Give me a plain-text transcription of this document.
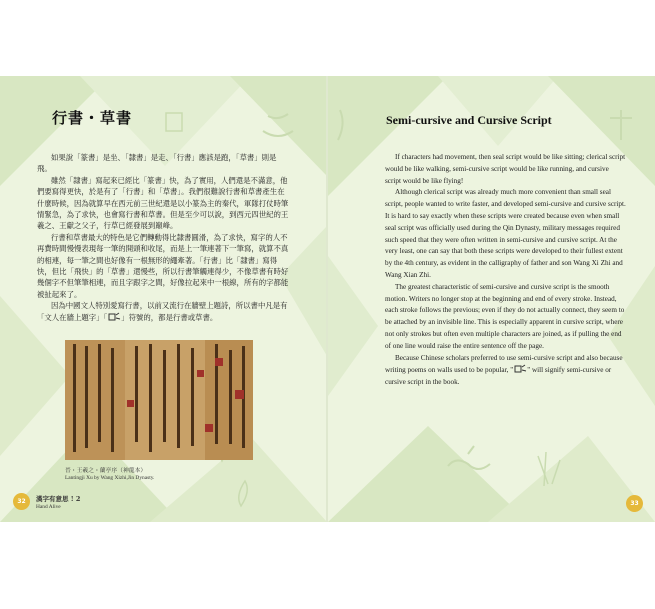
行書・草書

如果說「篆書」是坐、「隸書」是走、「行書」應該是跑，「草書」則是飛。

雖然「隸書」寫起來已經比「篆書」快，為了實用，人們還是不滿意，他們要寫得更快，於是有了「行書」和「草書」。我們很難說行書和草書產生在什麼時候，因為就算早在西元前三世紀還是以小篆為主的秦代，軍隊打仗時筆情緊急，為了求快，也會寫行書和草書。但是至少可以說，到西元四世紀的王羲之、王獻之父子，行草已經發展到巔峰。

行書和草書最大的特色是它們轉動得比隸書圓滑，為了求快，寫字的人不再費時間慢慢表現每一筆的開頭和收尾，而是上一筆連著下一筆寫，就算不真的相連，每一筆之間也好像有一根無形的繩牽著。「行書」比「隸書」寫得快，但比「飛快」的「草書」還慢些，所以行書筆觸連得少，不像草書有時好幾個字不但筆筆相連，而且字跟字之間，好像拉起來中一根線，所有的字都能被扯起來了。

因為中國文人特別愛寫行書，以前又流行在牆壁上題詩，所以書中凡是有「文人在牆上題字」「 」符號的，都是行書或草書。

晉・王羲之・蘭亭序（神龍本）
Lantingji Xu by Wang Xizhi,Jin Dynasty.
32	漢字有意思 ! 2
Hand Alive
Semi-cursive and Cursive Script

If characters had movement, then seal script would be like sitting; clerical script would be like walking, semi-cursive script would be like running, and cursive script would be like flying!

Although clerical script was already much more convenient than small seal script, people wanted to write faster, and developed semi-cursive and cursive script. It is hard to say exactly when these scripts were created because even when small seal script was officially used during the Qin Dynasty, military messages required such speed that they were often written in semi-cursive and cursive script. At the very least, one can say that both these scripts were developed to their fullest extent by the 4th century, as evident in the calligraphy of father and son Wang Xi Zhi and Wang Xian Zhi.

The greatest characteristic of semi-cursive and cursive script is the smooth motion. Writers no longer stop at the beginning and end of every stroke. Instead, each stroke follows the previous; even if they do not actually connect, they seem to be attached by an invisible line. This is especially apparent in cursive script, where not only strokes but often even multiple characters are joined, as if pulling the end of one line would raise the entire sentence off the page.

Because Chinese scholars preferred to use semi-cursive script and also because writing poems on walls used to be popular, " " will signify semi-cursive or cursive script in the book.

33
